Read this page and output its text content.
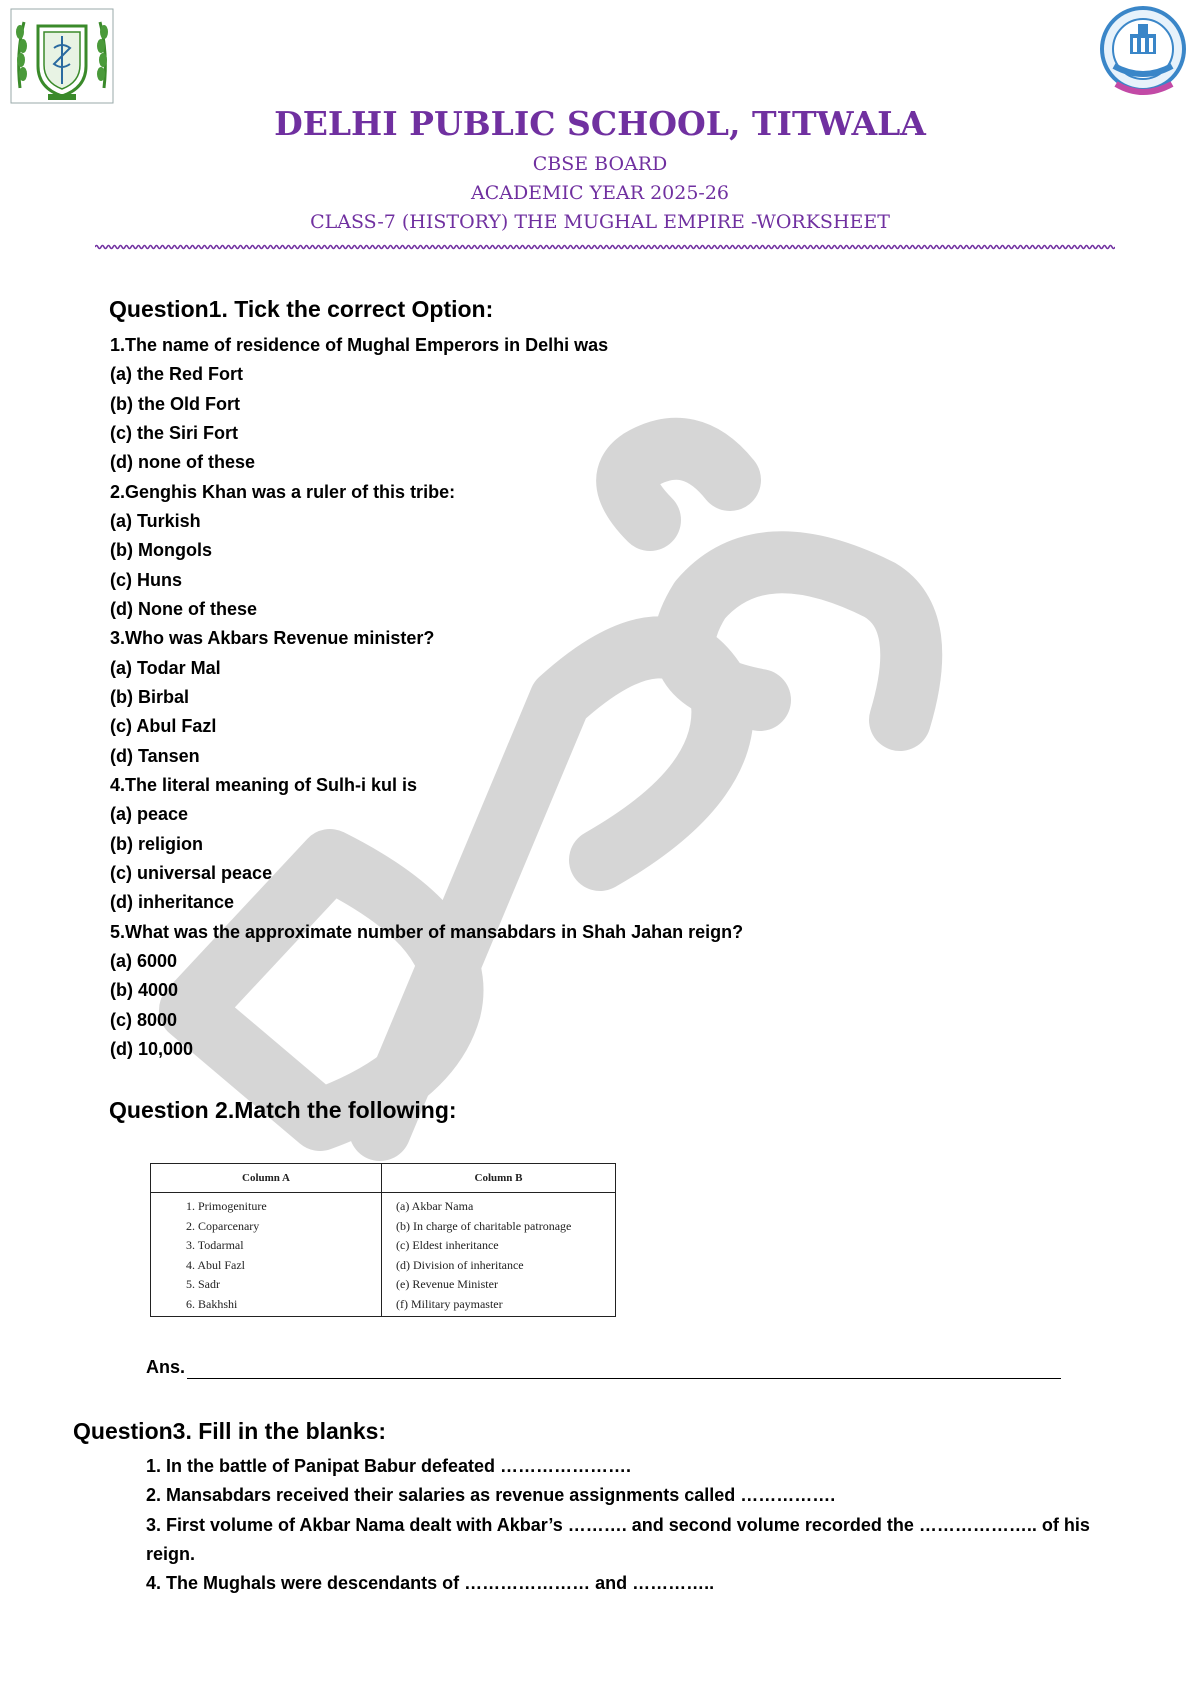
DELHI PUBLIC SCHOOL, TITWALA
CBSE BOARD
ACADEMIC YEAR 2025-26
CLASS-7 (HISTORY) THE MUGHAL EMPIRE -WORKSHEET
Question1. Tick the correct Option:
1.The name of residence of Mughal Emperors in Delhi was
(a) the Red Fort
(b) the Old Fort
(c) the Siri Fort
(d) none of these
2.Genghis Khan was a ruler of this tribe:
(a) Turkish
(b) Mongols
(c) Huns
(d) None of these
3.Who was Akbars Revenue minister?
(a) Todar Mal
(b) Birbal
(c) Abul Fazl
(d) Tansen
4.The literal meaning of Sulh-i kul is
(a) peace
(b) religion
(c) universal peace
(d) inheritance
5.What was the approximate number of mansabdars in Shah Jahan reign?
(a) 6000
(b) 4000
(c) 8000
(d) 10,000
Question 2.Match the following:
Column A
1. Primogeniture
2. Coparcenary
3. Todarmal
4. Abul Fazl
5. Sadr
6. Bakhshi
Column B
(a) Akbar Nama
(b) In charge of charitable patronage
(c) Eldest inheritance
(d) Division of inheritance
(e) Revenue Minister
(f) Military paymaster
Ans.
Question3. Fill in the blanks:
1. In the battle of Panipat Babur defeated ………………….
2. Mansabdars received their salaries as revenue assignments called …………….
3. First volume of Akbar Nama dealt with Akbar’s ………. and second volume recorded the ……………….. of his reign.
4. The Mughals were descendants of ………………… and …………..
